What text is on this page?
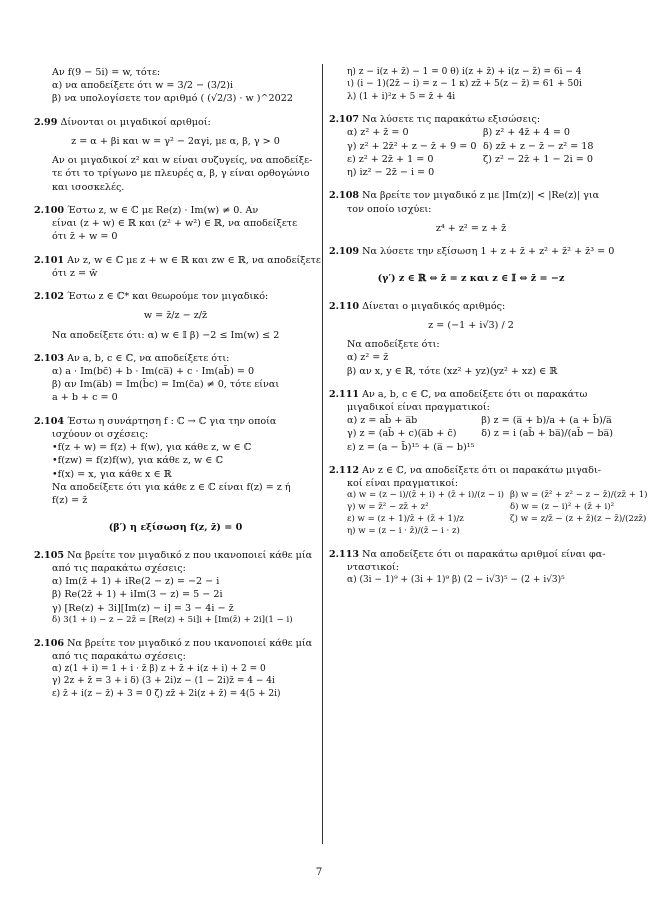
Αν f(9 − 5i) = w, τότε:
α) να αποδείξετε ότι w = 3/2 − (3/2)i
β) να υπολογίσετε τον αριθμό ( (√2/3) · w )^2022
2.99 Δίνονται οι μιγαδικοί αριθμοί:
z = α + βi και w = γ² − 2αγi, με α, β, γ > 0
Αν οι μιγαδικοί z² και w είναι συζυγείς, να αποδείξε-
τε ότι το τρίγωνο με πλευρές α, β, γ είναι ορθογώνιο
και ισοσκελές.
2.100 Έστω z, w ∈ ℂ με Re(z) · Im(w) ≠ 0. Αν
είναι (z + w) ∈ ℝ και (z² + w²) ∈ ℝ, να αποδείξετε
ότι z̄ + w = 0
2.101 Αν z, w ∈ ℂ με z + w ∈ ℝ και zw ∈ ℝ, να αποδείξετε
ότι z = w̄
2.102 Έστω z ∈ ℂ* και θεωρούμε τον μιγαδικό:
w = z̄/z − z/z̄
Να αποδείξετε ότι: α) w ∈ 𝕀 β) −2 ≤ Im(w) ≤ 2
2.103 Αν a, b, c ∈ ℂ, να αποδείξετε ότι:
α) a · Im(bc̄) + b · Im(ca̅) + c · Im(ab̄) = 0
β) αν Im(a̅b) = Im(b̄c) = Im(c̄a) ≠ 0, τότε είναι
a + b + c = 0
2.104 Έστω η συνάρτηση f : ℂ → ℂ για την οποία
ισχύουν οι σχέσεις:
•f(z + w) = f(z) + f(w), για κάθε z, w ∈ ℂ
•f(zw) = f(z)f(w), για κάθε z, w ∈ ℂ
•f(x) = x, για κάθε x ∈ ℝ
Να αποδείξετε ότι για κάθε z ∈ ℂ είναι f(z) = z ή
f(z) = z̄
(β′) η εξίσωση f(z, z̄) = 0
2.105 Να βρείτε τον μιγαδικό z που ικανοποιεί κάθε μία
από τις παρακάτω σχέσεις:
α) Im(z̄ + 1) + iRe(2 − z) = −2 − i
β) Re(2z̄ + 1) + iIm(3 − z) = 5 − 2i
γ) [Re(z) + 3i][Im(z) − i] = 3 − 4i − z̄
δ) 3(1 + i) − z − 2z̄ = [Re(z) + 5i]i + [Im(z̄) + 2i](1 − i)
2.106 Να βρείτε τον μιγαδικό z που ικανοποιεί κάθε μία
από τις παρακάτω σχέσεις:
α) z(1 + i) = 1 + i · z̄ β) z + z̄ + i(z + i) + 2 = 0
γ) 2z + z̄ = 3 + i δ) (3 + 2i)z − (1 − 2i)z̄ = 4 − 4i
ε) z̄ + i(z − z̄) + 3 = 0 ζ) zz̄ + 2i(z + z̄) = 4(5 + 2i)
η) z − i(z + z̄) − 1 = 0 θ) i(z + z̄) + i(z − z̄) = 6i − 4
ι) (i − 1)(2z̄ − i) = z − 1 κ) zz̄ + 5(z − z̄) = 61 + 50i
λ) (1 + i)²z + 5 = z̄ + 4i
2.107 Να λύσετε τις παρακάτω εξισώσεις:
α) z² + z̄ = 0	β) z² + 4z̄ + 4 = 0
γ) z² + 2z̄² + z − z̄ + 9 = 0 δ) zz̄ + z − z̄ − z² = 18
ε) z² + 2z̄ + 1 = 0	ζ) z² − 2z̄ + 1 − 2i = 0
η) iz² − 2z̄ − i = 0
2.108 Να βρείτε τον μιγαδικό z με |Im(z)| < |Re(z)| για
τον οποίο ισχύει:
z⁴ + z² = z + z̄
2.109 Να λύσετε την εξίσωση 1 + z + z̄ + z² + z̄² + z̄³ = 0
(γ′) z ∈ ℝ ⇔ z̄ = z και z ∈ 𝕀 ⇔ z̄ = −z
2.110 Δίνεται ο μιγαδικός αριθμός:
z = (−1 + i√3) / 2
Να αποδείξετε ότι:
α) z² = z̄
β) αν x, y ∈ ℝ, τότε (xz² + yz)(yz² + xz) ∈ ℝ
2.111 Αν a, b, c ∈ ℂ, να αποδείξετε ότι οι παρακάτω
μιγαδικοί είναι πραγματικοί:
α) z = ab̄ + a̅b	β) z = (a̅ + b)/a + (a + b̄)/a̅
γ) z = (ab̄ + c)(a̅b + c̄)	δ) z = i (ab̄ + ba̅)/(ab̄ − ba̅)
ε) z = (a − b̄)¹⁵ + (a̅ − b)¹⁵
2.112 Αν z ∈ ℂ, να αποδείξετε ότι οι παρακάτω μιγαδι-
κοί είναι πραγματικοί:
α) w = (z − i)/(z̄ + i) + (z̄ + i)/(z − i) β) w = (z̄² + z² − z − z̄)/(zz̄ + 1)
γ) w = z̄² − zz̄ + z²	δ) w = (z − i)² + (z̄ + i)²
ε) w = (z + 1)/z̄ + (z̄ + 1)/z	ζ) w = z/z̄ − (z + z̄)(z − z̄)/(2zz̄)
η) w = (z − i · z̄)/(z̄ − i · z)
2.113 Να αποδείξετε ότι οι παρακάτω αριθμοί είναι φα-
νταστικοί:
α) (3i − 1)⁹ + (3i + 1)⁹ β) (2 − i√3)⁵ − (2 + i√3)⁵
7
